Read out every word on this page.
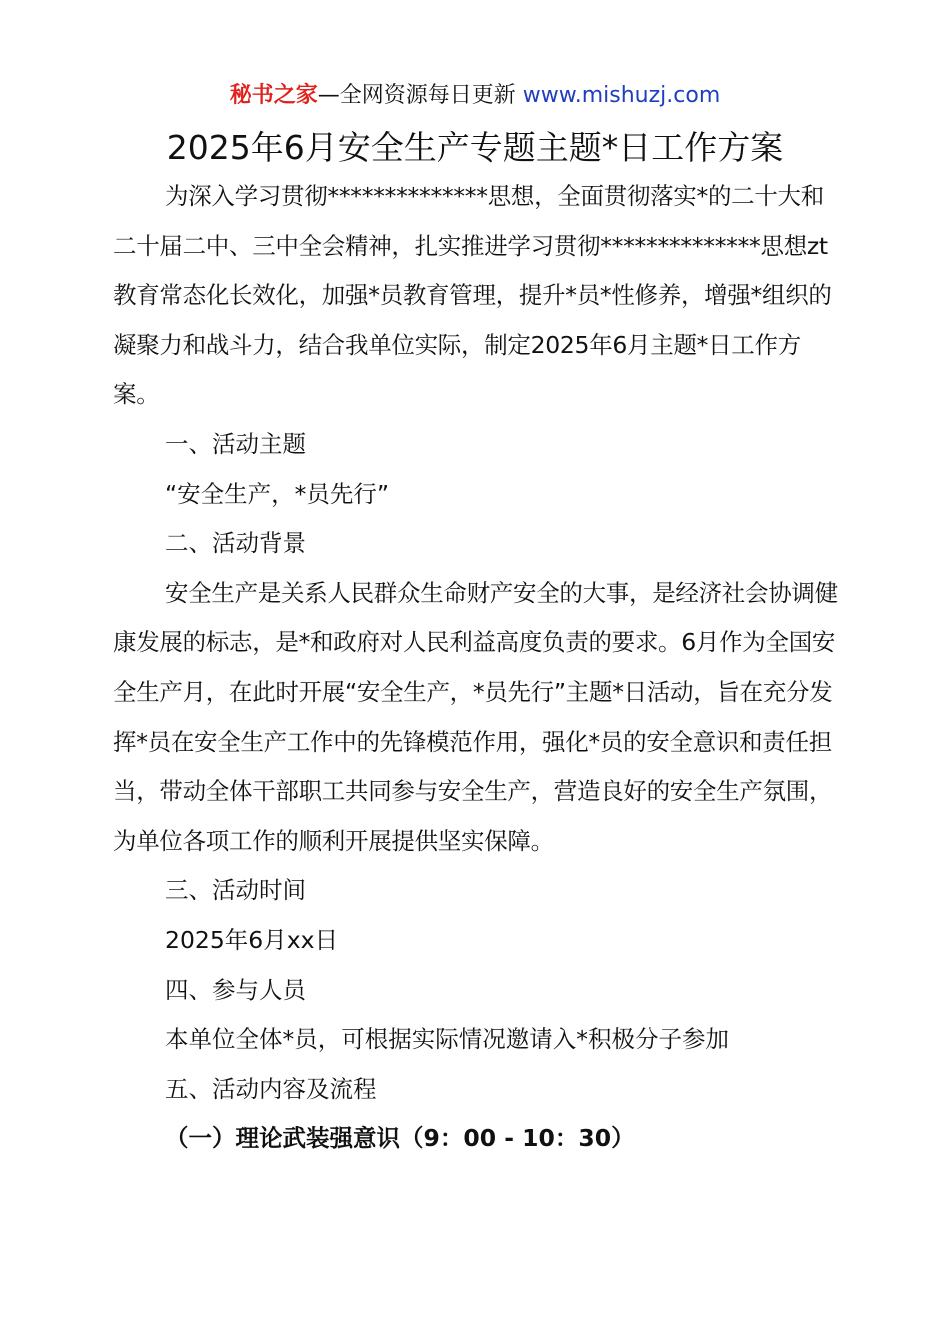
秘书之家—全网资源每日更新 www.mishuzj.com
2025年6月安全生产专题主题*日工作方案

为深入学习贯彻**************思想，全面贯彻落实*的二十大和二十届二中、三中全会精神，扎实推进学习贯彻**************思想zt教育常态化长效化，加强*员教育管理，提升*员*性修养，增强*组织的凝聚力和战斗力，结合我单位实际，制定2025年6月主题*日工作方案。

一、活动主题

“安全生产，*员先行”

二、活动背景

安全生产是关系人民群众生命财产安全的大事，是经济社会协调健康发展的标志，是*和政府对人民利益高度负责的要求。6月作为全国安全生产月，在此时开展“安全生产，*员先行”主题*日活动，旨在充分发挥*员在安全生产工作中的先锋模范作用，强化*员的安全意识和责任担当，带动全体干部职工共同参与安全生产，营造良好的安全生产氛围，为单位各项工作的顺利开展提供坚实保障。

三、活动时间

2025年6月xx日

四、参与人员

本单位全体*员，可根据实际情况邀请入*积极分子参加

五、活动内容及流程

（一）理论武装强意识（9：00 - 10：30）
